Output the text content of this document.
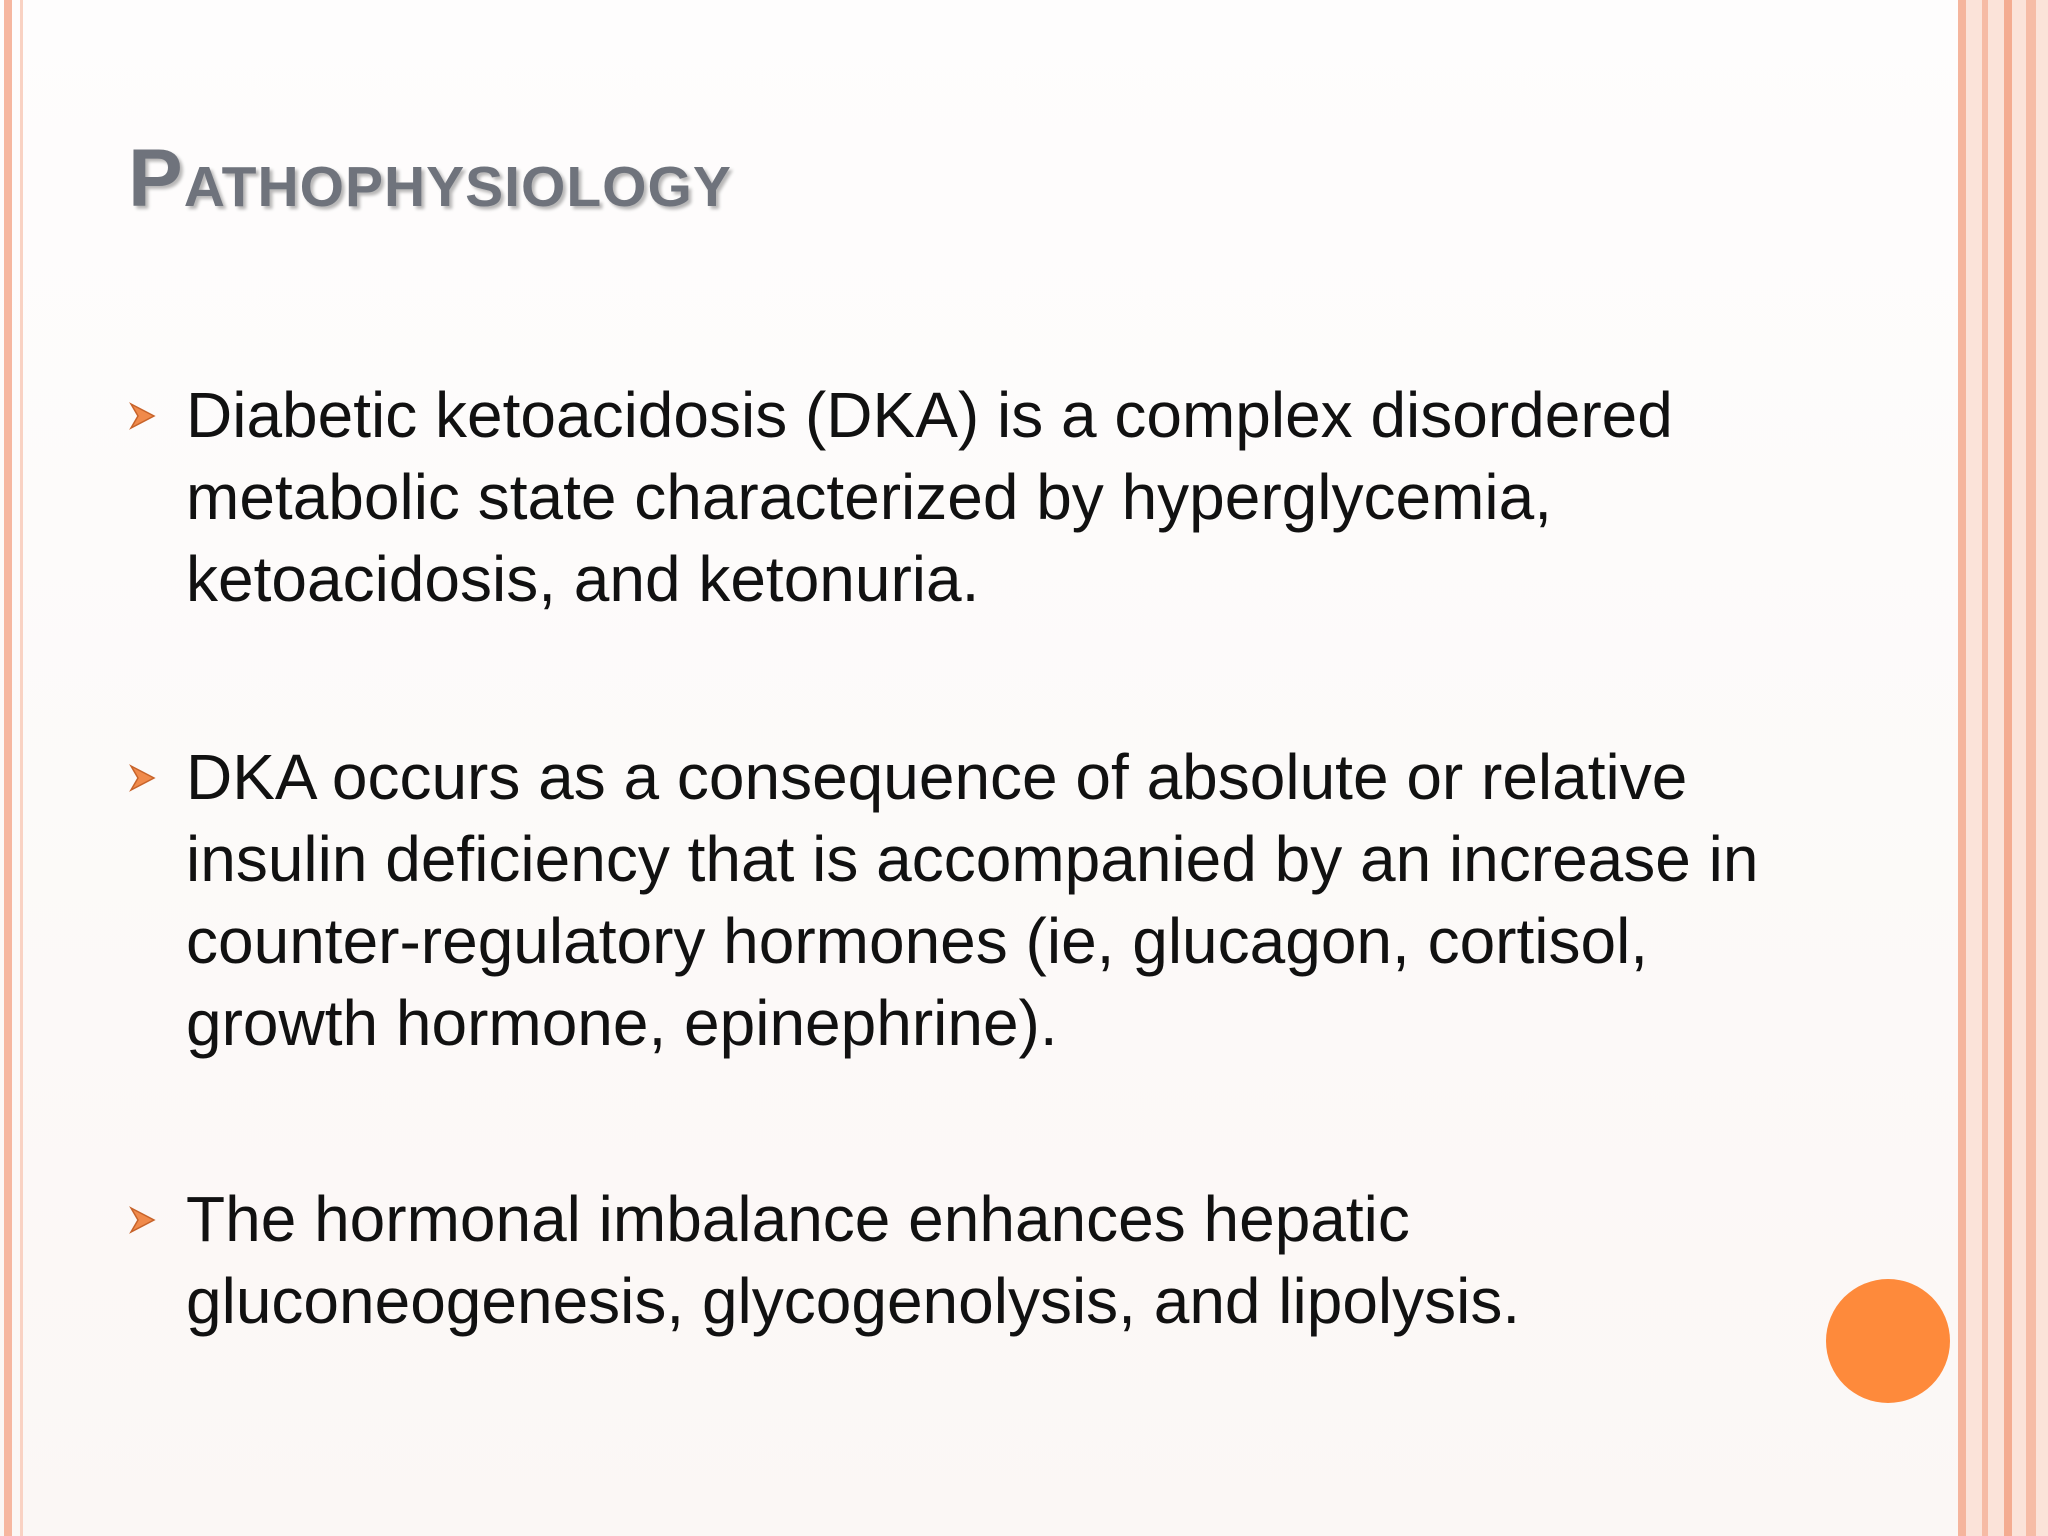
Pathophysiology
Diabetic ketoacidosis (DKA) is a complex disordered
metabolic state characterized by hyperglycemia,
ketoacidosis, and ketonuria.
DKA occurs as a consequence of absolute or relative
insulin deficiency that is accompanied by an increase in
counter-regulatory hormones (ie, glucagon, cortisol,
growth hormone, epinephrine).
The hormonal imbalance enhances hepatic
gluconeogenesis, glycogenolysis, and lipolysis.
